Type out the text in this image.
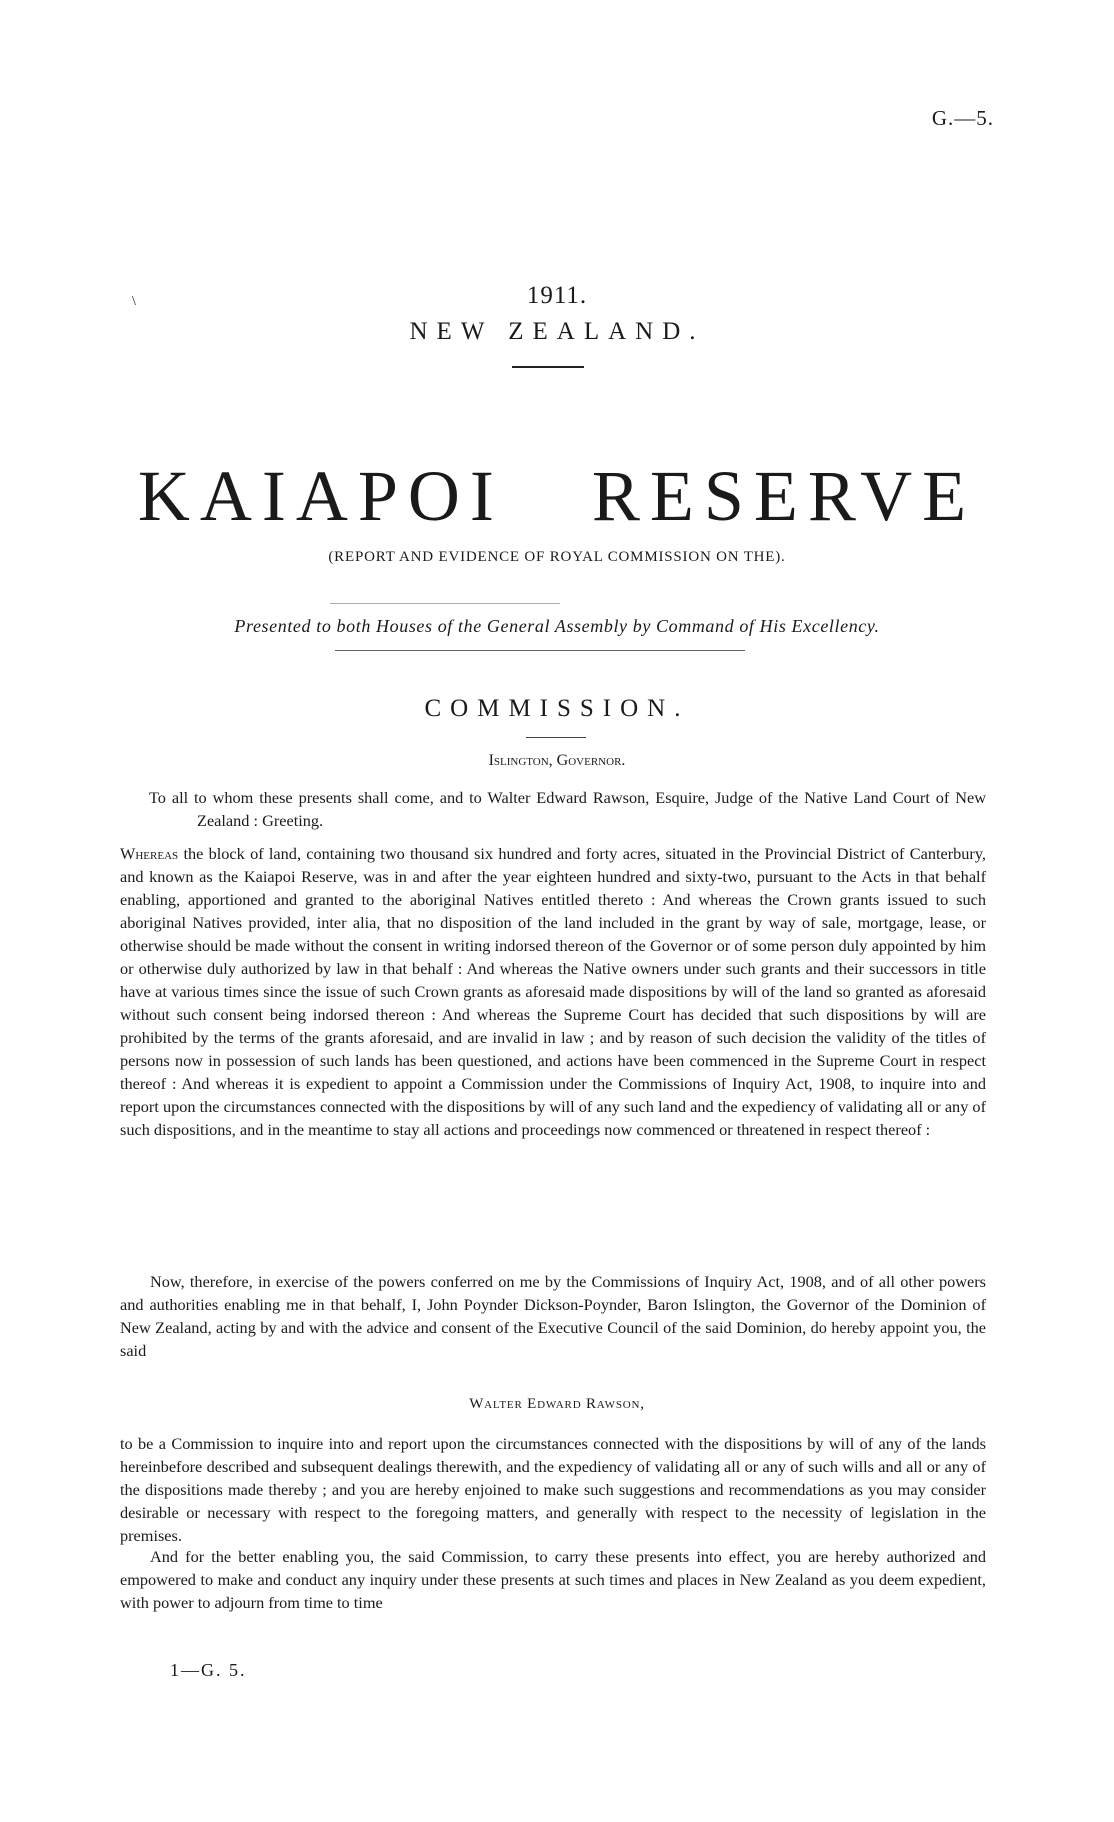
G.—5.
\	1911.
NEW ZEALAND.
KAIAPOI RESERVE
(REPORT AND EVIDENCE OF ROYAL COMMISSION ON THE).
Presented to both Houses of the General Assembly by Command of His Excellency.
COMMISSION.
Islington, Governor.

To all to whom these presents shall come, and to Walter Edward Rawson, Esquire, Judge of the Native Land Court of New Zealand : Greeting.

Whereas the block of land, containing two thousand six hundred and forty acres, situated in the Provincial District of Canterbury, and known as the Kaiapoi Reserve, was in and after the year eighteen hundred and sixty-two, pursuant to the Acts in that behalf enabling, apportioned and granted to the aboriginal Natives entitled thereto : And whereas the Crown grants issued to such aboriginal Natives provided, inter alia, that no disposition of the land included in the grant by way of sale, mortgage, lease, or otherwise should be made without the consent in writing indorsed thereon of the Governor or of some person duly appointed by him or otherwise duly authorized by law in that behalf : And whereas the Native owners under such grants and their successors in title have at various times since the issue of such Crown grants as aforesaid made dispositions by will of the land so granted as aforesaid without such consent being indorsed thereon : And whereas the Supreme Court has decided that such dispositions by will are prohibited by the terms of the grants aforesaid, and are invalid in law ; and by reason of such decision the validity of the titles of persons now in possession of such lands has been questioned, and actions have been commenced in the Supreme Court in respect thereof : And whereas it is expedient to appoint a Commission under the Commissions of Inquiry Act, 1908, to inquire into and report upon the circumstances connected with the dispositions by will of any such land and the expediency of validating all or any of such dispositions, and in the meantime to stay all actions and proceedings now commenced or threatened in respect thereof :

Now, therefore, in exercise of the powers conferred on me by the Commissions of Inquiry Act, 1908, and of all other powers and authorities enabling me in that behalf, I, John Poynder Dickson-Poynder, Baron Islington, the Governor of the Dominion of New Zealand, acting by and with the advice and consent of the Executive Council of the said Dominion, do hereby appoint you, the said

Walter Edward Rawson,

to be a Commission to inquire into and report upon the circumstances connected with the dispositions by will of any of the lands hereinbefore described and subsequent dealings therewith, and the expediency of validating all or any of such wills and all or any of the dispositions made thereby ; and you are hereby enjoined to make such suggestions and recommendations as you may consider desirable or necessary with respect to the foregoing matters, and generally with respect to the necessity of legislation in the premises.

And for the better enabling you, the said Commission, to carry these presents into effect, you are hereby authorized and empowered to make and conduct any inquiry under these presents at such times and places in New Zealand as you deem expedient, with power to adjourn from time to time

1—G. 5.
